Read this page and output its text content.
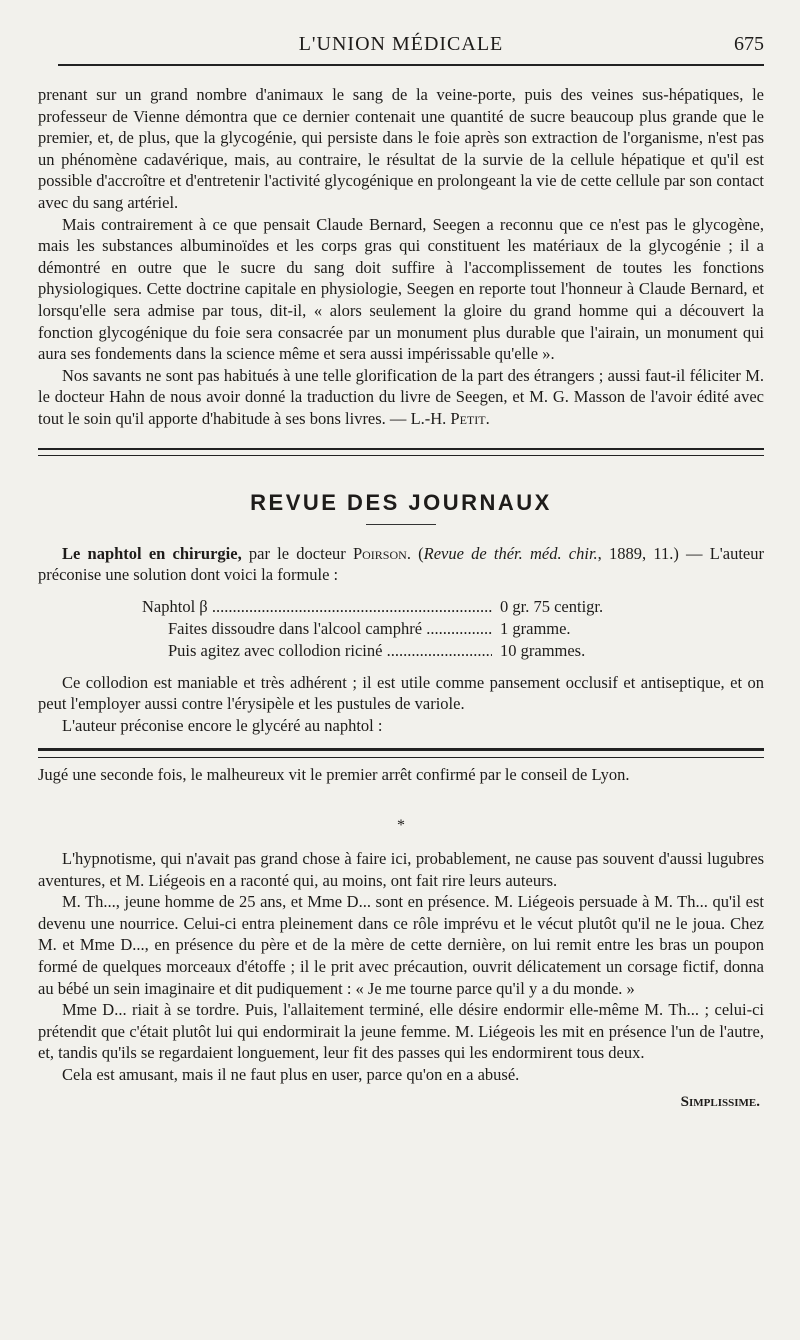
L'UNION MÉDICALE	675

prenant sur un grand nombre d'animaux le sang de la veine-porte, puis des veines sus-hépatiques, le professeur de Vienne démontra que ce dernier contenait une quantité de sucre beaucoup plus grande que le premier, et, de plus, que la glycogénie, qui persiste dans le foie après son extraction de l'organisme, n'est pas un phénomène cadavérique, mais, au contraire, le résultat de la survie de la cellule hépatique et qu'il est possible d'accroître et d'entretenir l'activité glycogénique en prolongeant la vie de cette cellule par son contact avec du sang artériel.

Mais contrairement à ce que pensait Claude Bernard, Seegen a reconnu que ce n'est pas le glycogène, mais les substances albuminoïdes et les corps gras qui constituent les matériaux de la glycogénie ; il a démontré en outre que le sucre du sang doit suffire à l'accomplissement de toutes les fonctions physiologiques. Cette doctrine capitale en physiologie, Seegen en reporte tout l'honneur à Claude Bernard, et lorsqu'elle sera admise par tous, dit-il, « alors seulement la gloire du grand homme qui a découvert la fonction glycogénique du foie sera consacrée par un monument plus durable que l'airain, un monument qui aura ses fondements dans la science même et sera aussi impérissable qu'elle ».

Nos savants ne sont pas habitués à une telle glorification de la part des étrangers ; aussi faut-il féliciter M. le docteur Hahn de nous avoir donné la traduction du livre de Seegen, et M. G. Masson de l'avoir édité avec tout le soin qu'il apporte d'habitude à ses bons livres. — L.-H. Petit.

REVUE DES JOURNAUX

Le naphtol en chirurgie, par le docteur Poirson. (Revue de thér. méd. chir., 1889, 11.) — L'auteur préconise une solution dont voici la formule :

Naphtol β .....	0 gr. 75 centigr.
Faites dissoudre dans l'alcool camphré .....	1 gramme.
Puis agitez avec collodion riciné .....	10 grammes.

Ce collodion est maniable et très adhérent ; il est utile comme pansement occlusif et antiseptique, et on peut l'employer aussi contre l'érysipèle et les pustules de variole.

L'auteur préconise encore le glycéré au naphtol :

Jugé une seconde fois, le malheureux vit le premier arrêt confirmé par le conseil de Lyon.

*

L'hypnotisme, qui n'avait pas grand chose à faire ici, probablement, ne cause pas souvent d'aussi lugubres aventures, et M. Liégeois en a raconté qui, au moins, ont fait rire leurs auteurs.

M. Th..., jeune homme de 25 ans, et Mme D... sont en présence. M. Liégeois persuade à M. Th... qu'il est devenu une nourrice. Celui-ci entra pleinement dans ce rôle imprévu et le vécut plutôt qu'il ne le joua. Chez M. et Mme D..., en présence du père et de la mère de cette dernière, on lui remit entre les bras un poupon formé de quelques morceaux d'étoffe ; il le prit avec précaution, ouvrit délicatement un corsage fictif, donna au bébé un sein imaginaire et dit pudiquement : « Je me tourne parce qu'il y a du monde. »

Mme D... riait à se tordre. Puis, l'allaitement terminé, elle désire endormir elle-même M. Th... ; celui-ci prétendit que c'était plutôt lui qui endormirait la jeune femme. M. Liégeois les mit en présence l'un de l'autre, et, tandis qu'ils se regardaient longuement, leur fit des passes qui les endormirent tous deux.

Cela est amusant, mais il ne faut plus en user, parce qu'on en a abusé.

Simplissime.
